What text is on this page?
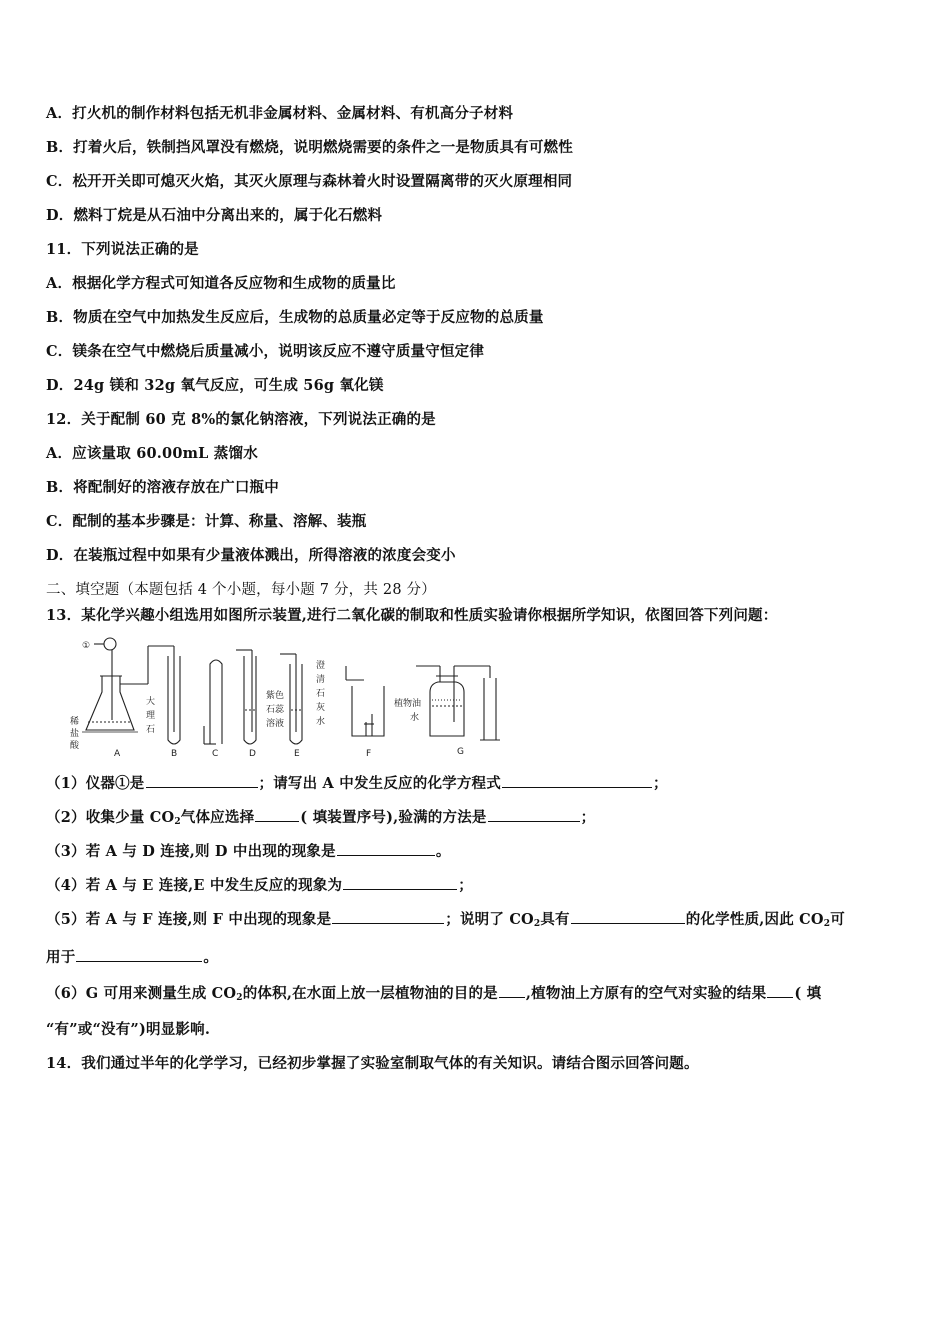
A．打火机的制作材料包括无机非金属材料、金属材料、有机高分子材料
B．打着火后，铁制挡风罩没有燃烧，说明燃烧需要的条件之一是物质具有可燃性
C．松开开关即可熄灭火焰，其灭火原理与森林着火时设置隔离带的灭火原理相同
D．燃料丁烷是从石油中分离出来的，属于化石燃料
11．下列说法正确的是
A．根据化学方程式可知道各反应物和生成物的质量比
B．物质在空气中加热发生反应后，生成物的总质量必定等于反应物的总质量
C．镁条在空气中燃烧后质量减小，说明该反应不遵守质量守恒定律
D．24g 镁和 32g 氧气反应，可生成 56g 氧化镁
12．关于配制 60 克 8%的氯化钠溶液，下列说法正确的是
A．应该量取 60.00mL 蒸馏水
B．将配制好的溶液存放在广口瓶中
C．配制的基本步骤是：计算、称量、溶解、装瓶
D．在装瓶过程中如果有少量液体溅出，所得溶液的浓度会变小
二、填空题（本题包括 4 个小题，每小题 7 分，共 28 分）
13．某化学兴趣小组选用如图所示装置,进行二氧化碳的制取和性质实验请你根据所学知识，依图回答下列问题：
①
稀
盐
酸
大
理
石
紫色
石蕊
溶液
澄
清
石
灰
水
植物油
水
A	B	C	D	E	F	G
（1）仪器①是	；请写出 A 中发生反应的化学方程式	；
（2）收集少量 $CO_2$气体应选择	( 填装置序号),验满的方法是	；
（3）若 A 与 D 连接,则 D 中出现的现象是	。
（4）若 A 与 E 连接,E 中发生反应的现象为	；
（5）若 A 与 F 连接,则 F 中出现的现象是	；说明了 $CO_2$具有	的化学性质,因此 $CO_2$可
用于	。
（6）G 可用来测量生成 $CO_2$的体积,在水面上放一层植物油的目的是 ,植物油上方原有的空气对实验的结果 ( 填
“有”或“没有”)明显影响.
14．我们通过半年的化学学习，已经初步掌握了实验室制取气体的有关知识。请结合图示回答问题。
